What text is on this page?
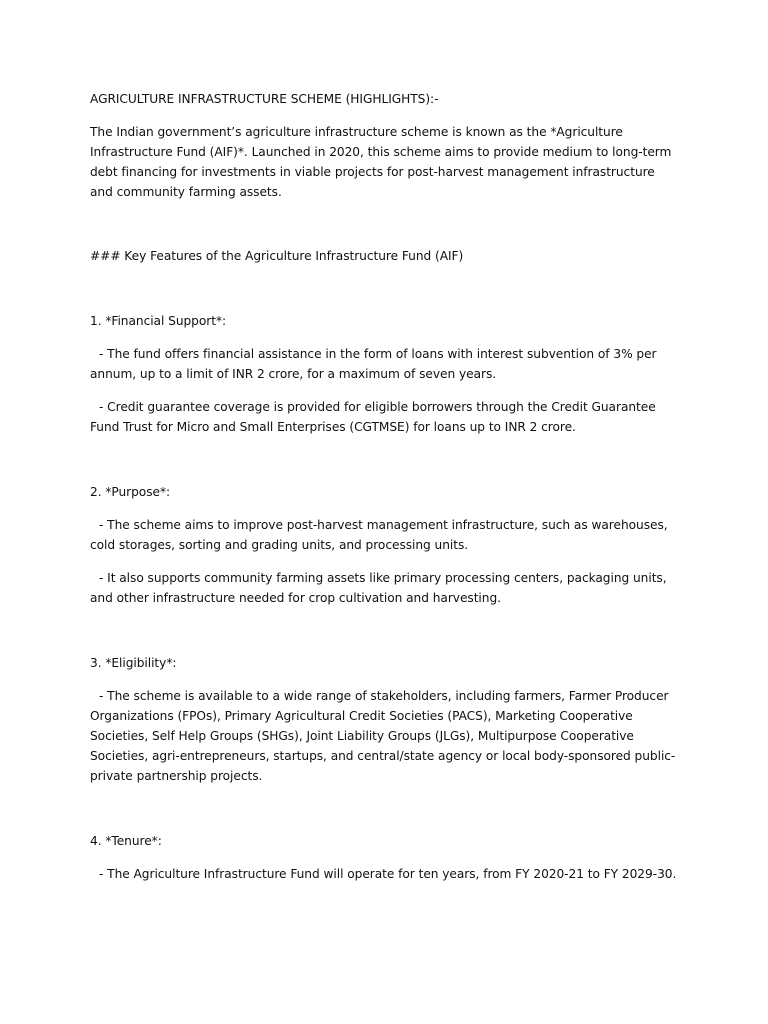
AGRICULTURE INFRASTRUCTURE SCHEME (HIGHLIGHTS):-

The Indian government’s agriculture infrastructure scheme is known as the *Agriculture Infrastructure Fund (AIF)*. Launched in 2020, this scheme aims to provide medium to long-term debt financing for investments in viable projects for post-harvest management infrastructure and community farming assets.

### Key Features of the Agriculture Infrastructure Fund (AIF)

1. *Financial Support*:

- The fund offers financial assistance in the form of loans with interest subvention of 3% per annum, up to a limit of INR 2 crore, for a maximum of seven years.

- Credit guarantee coverage is provided for eligible borrowers through the Credit Guarantee Fund Trust for Micro and Small Enterprises (CGTMSE) for loans up to INR 2 crore.

2. *Purpose*:

- The scheme aims to improve post-harvest management infrastructure, such as warehouses, cold storages, sorting and grading units, and processing units.

- It also supports community farming assets like primary processing centers, packaging units, and other infrastructure needed for crop cultivation and harvesting.

3. *Eligibility*:

- The scheme is available to a wide range of stakeholders, including farmers, Farmer Producer Organizations (FPOs), Primary Agricultural Credit Societies (PACS), Marketing Cooperative Societies, Self Help Groups (SHGs), Joint Liability Groups (JLGs), Multipurpose Cooperative Societies, agri-entrepreneurs, startups, and central/state agency or local body-sponsored public-private partnership projects.

4. *Tenure*:

- The Agriculture Infrastructure Fund will operate for ten years, from FY 2020-21 to FY 2029-30.
